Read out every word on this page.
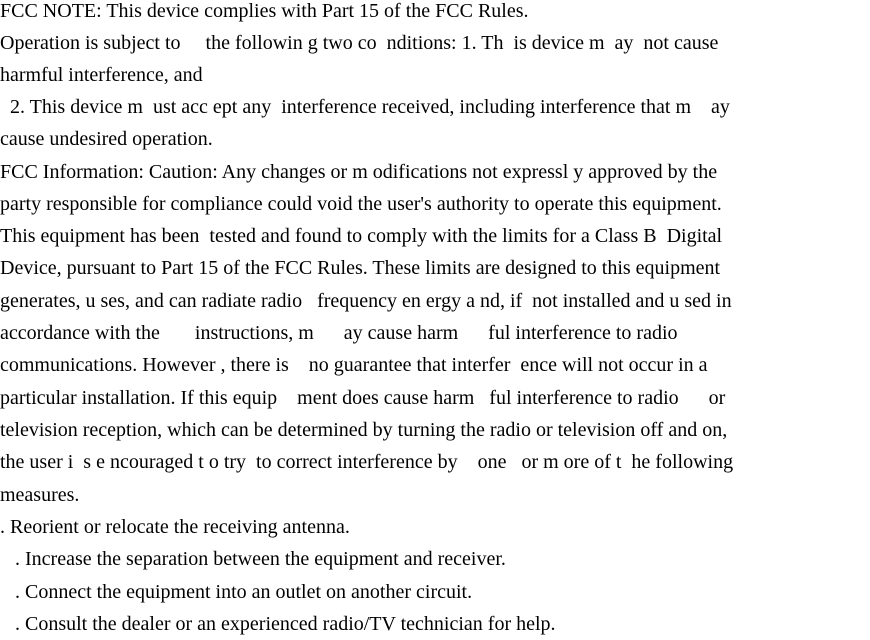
FCC NOTE: This device complies with Part 15 of the FCC Rules.

Operation is subject to     the followin g two co  nditions: 1. Th  is device m  ay  not cause

harmful interference, and

2. This device m  ust acc ept any  interference received, including interference that m    ay

cause undesired operation.

FCC Information: Caution: Any changes or m odifications not expressl y approved by the

party responsible for compliance could void the user's authority to operate this equipment.

This equipment has been  tested and found to comply with the limits for a Class B  Digital

Device, pursuant to Part 15 of the FCC Rules. These limits are designed to this equipment

generates, u ses, and can radiate radio   frequency en ergy a nd, if  not installed and u sed in

accordance with the       instructions, m      ay cause harm      ful interference to radio

communications. However , there is    no guarantee that interfer  ence will not occur in a

particular installation. If this equip    ment does cause harm   ful interference to radio      or

television reception, which can be determined by turning the radio or television off and on,

the user i  s e ncouraged t o try  to correct interference by    one   or m ore of t  he following

measures.

. Reorient or relocate the receiving antenna.

. Increase the separation between the equipment and receiver.

. Connect the equipment into an outlet on another circuit.

. Consult the dealer or an experienced radio/TV technician for help.
